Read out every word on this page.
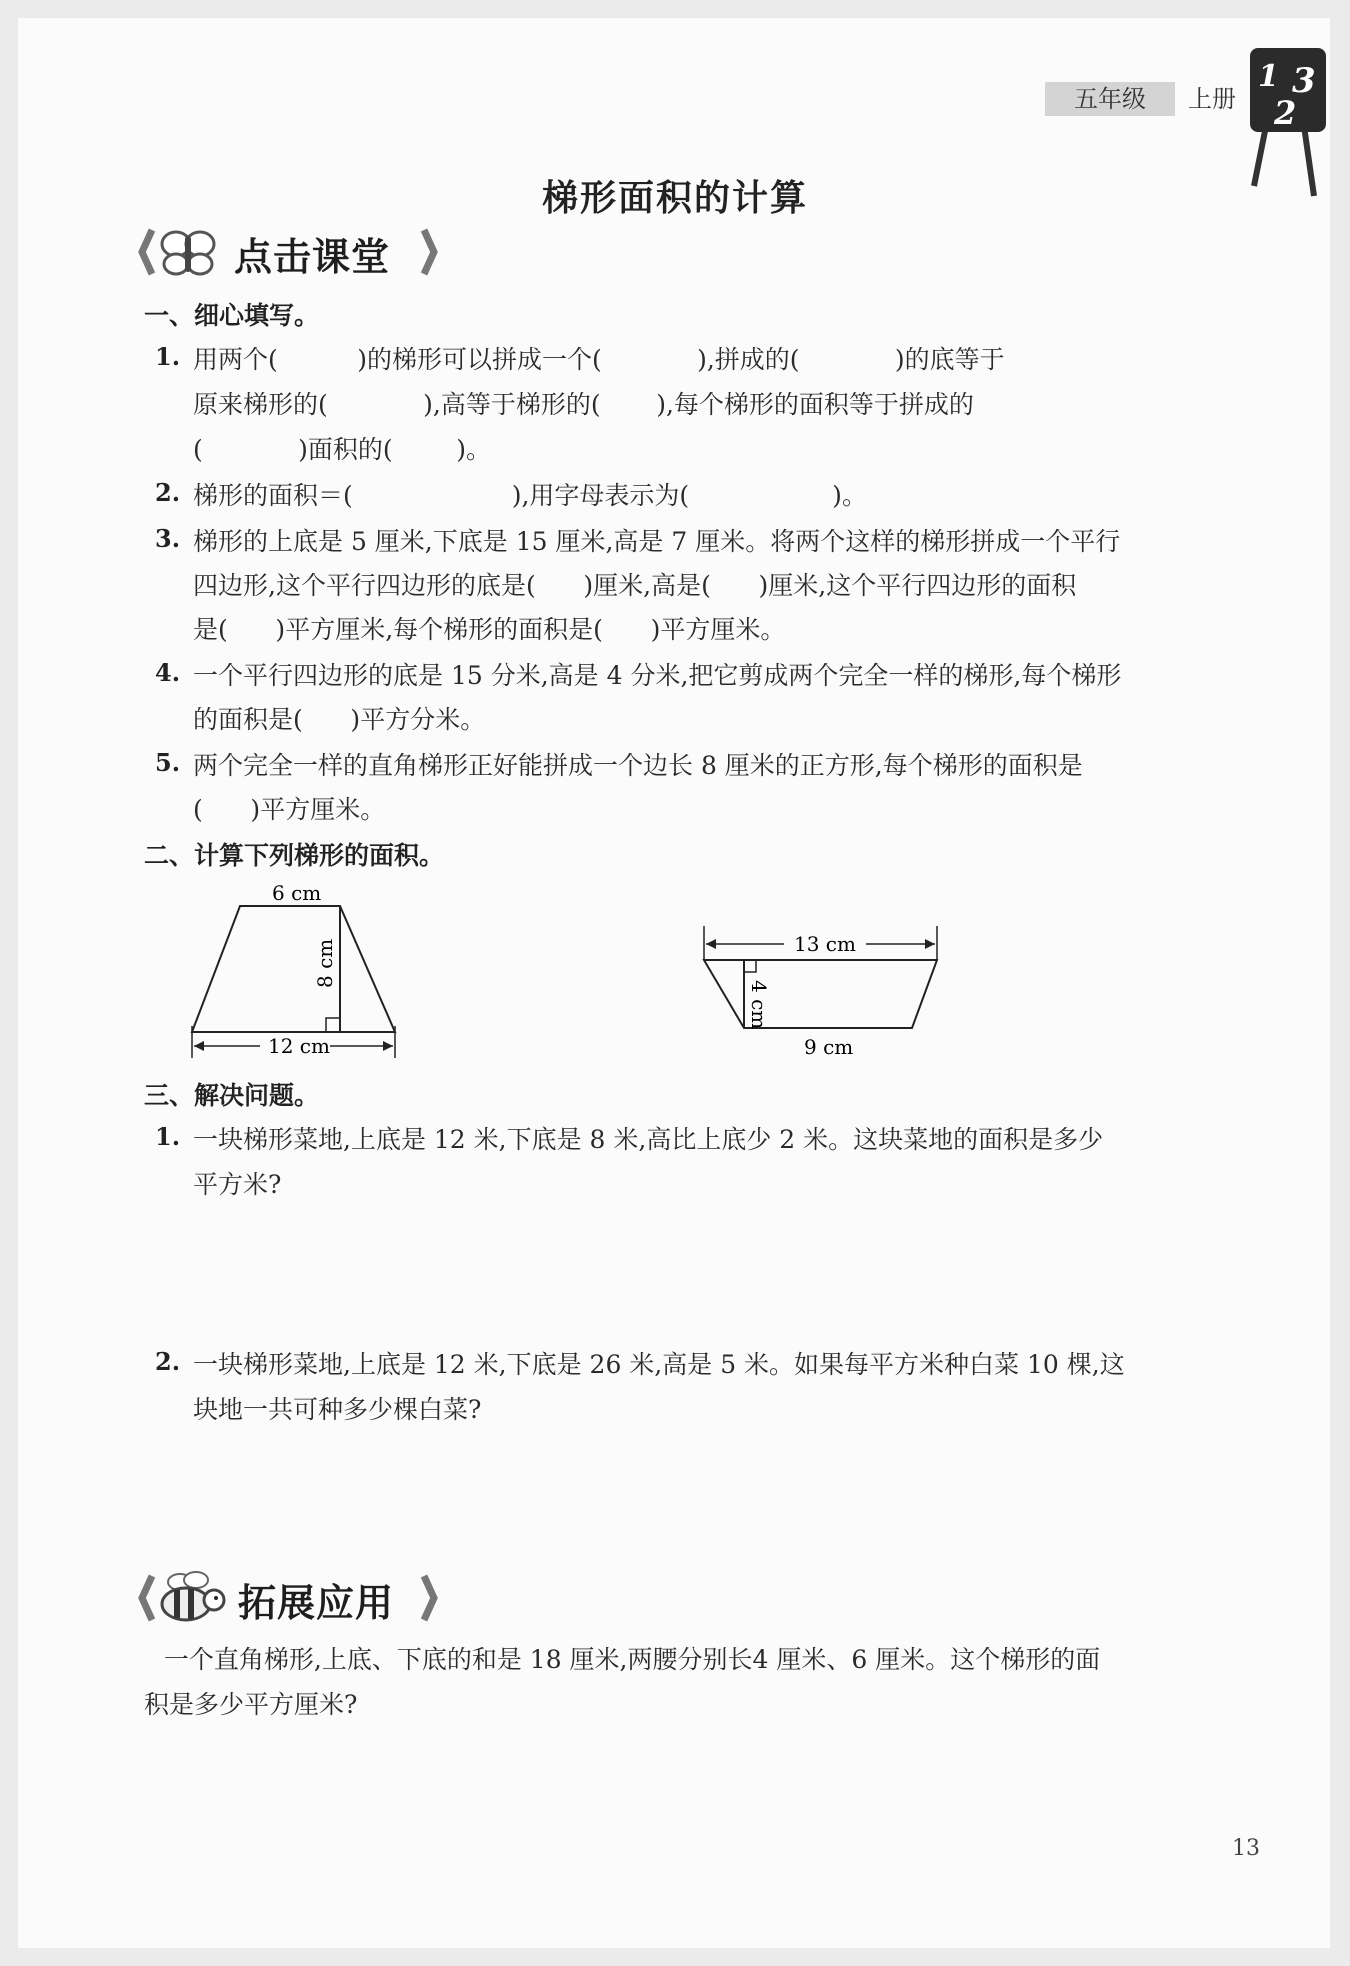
五年级	上册
1 3
2
梯形面积的计算
点击课堂
一、细心填写。
1. 用两个(          )的梯形可以拼成一个(            ),拼成的(            )的底等于
原来梯形的(            ),高等于梯形的(       ),每个梯形的面积等于拼成的
(            )面积的(        )。
2. 梯形的面积＝(                    ),用字母表示为(                  )。
3. 梯形的上底是 5 厘米,下底是 15 厘米,高是 7 厘米。将两个这样的梯形拼成一个平行
四边形,这个平行四边形的底是(      )厘米,高是(      )厘米,这个平行四边形的面积
是(      )平方厘米,每个梯形的面积是(      )平方厘米。
4. 一个平行四边形的底是 15 分米,高是 4 分米,把它剪成两个完全一样的梯形,每个梯形
的面积是(      )平方分米。
5. 两个完全一样的直角梯形正好能拼成一个边长 8 厘米的正方形,每个梯形的面积是
(      )平方厘米。
二、计算下列梯形的面积。
6 cm
8 cm
12 cm
13 cm
4 cm
9 cm
三、解决问题。
1. 一块梯形菜地,上底是 12 米,下底是 8 米,高比上底少 2 米。这块菜地的面积是多少
平方米?
2. 一块梯形菜地,上底是 12 米,下底是 26 米,高是 5 米。如果每平方米种白菜 10 棵,这
块地一共可种多少棵白菜?
拓展应用
一个直角梯形,上底、下底的和是 18 厘米,两腰分别长4 厘米、6 厘米。这个梯形的面
积是多少平方厘米?
13
